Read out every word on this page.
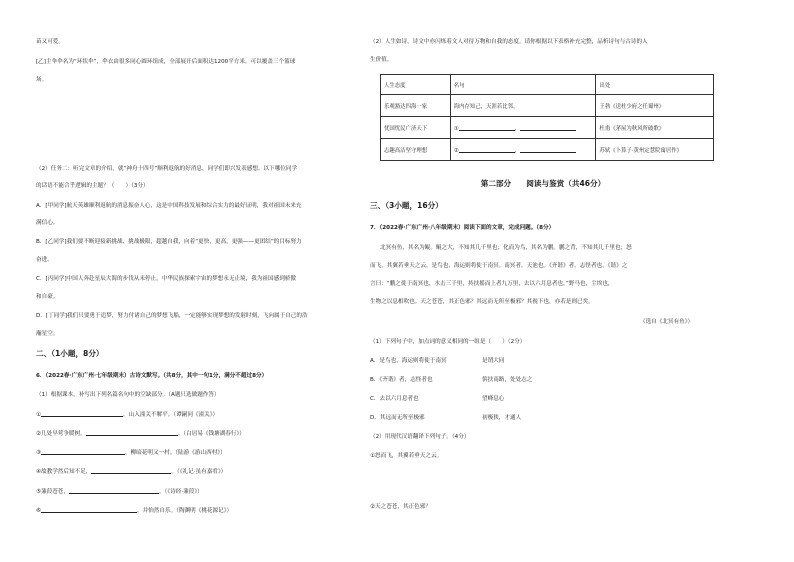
苗又可爱。
[乙]主伞伞名为“环状伞”，伞衣由很多同心圆环组成，全部展开后面积达1200平方米，可以覆盖三个篮球
场。
（2）任务二：听完文章的介绍，就“神舟十四号”顺利返航的好消息，同学们即兴发表感想。以下哪位同学
的话语不能合乎逻辑的主题？（　　）（3分）
A．[甲同学]航天英雄顺利返航的消息振奋人心，这是中国科技发展和综合实力的最好证明，我对祖国未来充
满信心。
B．[乙同学]我们要不断迎接新挑战、挑战极限，超越自我，向着“更快，更高，更强——更团结”的目标努力
奋进。
C．[丙同学]中国人奔赴星辰大海的步伐从未停止，中华民族探索宇宙的梦想永无止境，我为祖国感到骄傲
和自豪。
D．[丁同学]我们只要勇于追梦，努力付诸自己的梦想飞船，一定能够实现梦想的发射时刻，飞向属于自己的浩
瀚星空。
二、（1小题，8分）
6．（2022春·广东广州·七年级期末）古诗文默写。（共8分，其中一句1分，满分不超过8分）
（1）根据课本，补写出下列名篇名句中的空缺部分。（A题只选做题作答）
①	，山入潼关不解平。（谭嗣同《潼关》）
②几处早莺争暖树，	。（白居易《钱塘湖春行》）
③	，柳暗花明又一村。（陆游《游山西村》）
④故教学然后知不足，	。（《礼记·虽有嘉肴》）
⑤蒹葭苍苍，	。（《诗经·蒹葭》）
⑥	，并怡然自乐。（陶渊明《桃花源记》）
（2）人生如诗，诗文中亦闪烁着文人对待万物和自我的态度。请你根据以下表格补充完整，品析诗句与古诗的人
生价值。
人生态度	名句	出处
乐观豁达四海一家	海内存知己，天涯若比邻。	王勃《送杜少府之任蜀州》
忧国忧民广济天下	① ，	杜甫《茅屋为秋风所破歌》
志趣高洁坚守理想	② ，	苏轼《卜算子·黄州定慧院寓居作》
第二部分　　阅读与鉴赏（共46分）
三、（3小题，16分）
7．（2022春·广东广州·八年级期末）阅读下面的文章，完成问题。（8分）
北冥有鱼，其名为鲲。鲲之大，不知其几千里也；化而为鸟，其名为鹏。鹏之背，不知其几千里也；怒
而飞，其翼若垂天之云。是鸟也，海运则将徙于南冥。南冥者，天池也。《齐谐》者，志怪者也。《谐》之
言曰：“鹏之徙于南冥也，水击三千里，抟扶摇而上者九万里，去以六月息者也。”野马也，尘埃也，
生物之以息相吹也。天之苍苍，其正色邪？其远而无所至极邪？其视下也，亦若是则已矣。
（选自《北冥有鱼》）
（1）下列句子中，加点词的意义相同的一组是（　　）（2分）
A．是鸟也，海运则将徙于南冥	是谓大同
B．《齐谐》者，志怪者也	傧扶南路，处处志之
C．去以六月息者也	望峰息心
D．其远而无所至极邪	初极狭，才通人
（2）用现代汉语翻译下列句子。（4分）
①怒而飞，其翼若垂天之云。
②天之苍苍，其正色邪？
